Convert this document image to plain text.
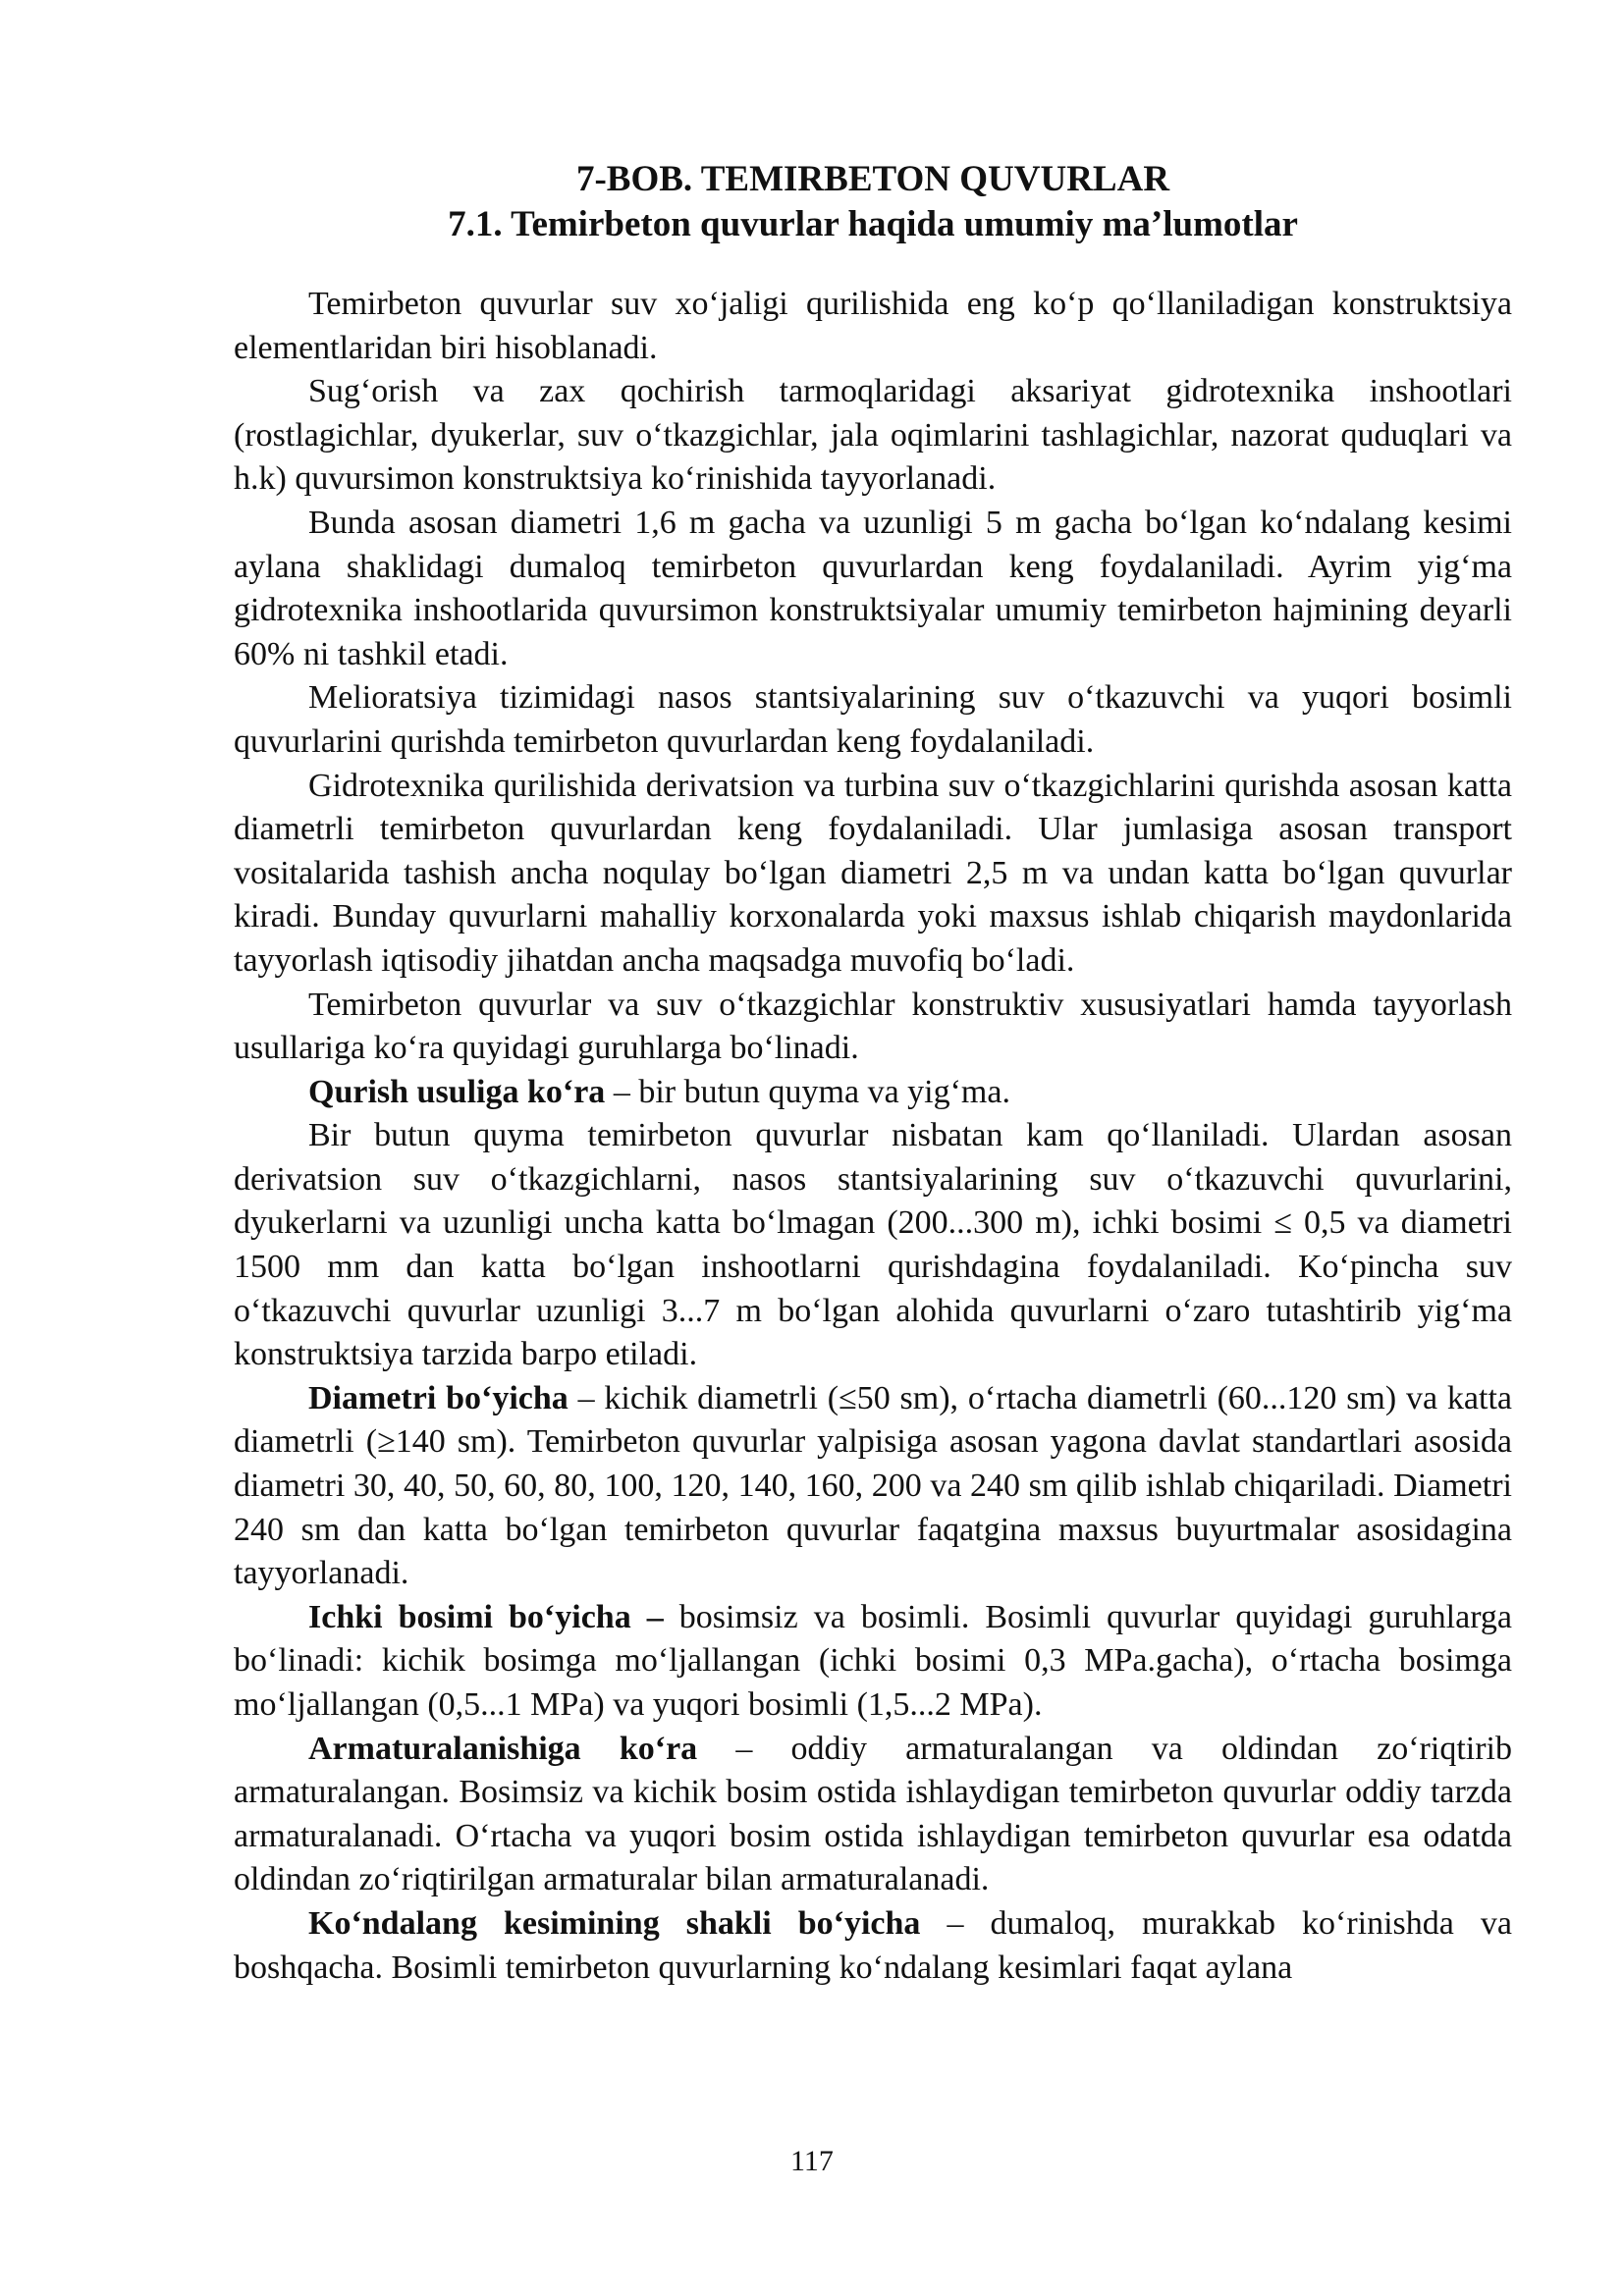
7-BOB. TEMIRBETON QUVURLAR
7.1. Temirbeton quvurlar haqida umumiy ma’lumotlar

Temirbeton quvurlar suv xo‘jaligi qurilishida eng ko‘p qo‘llaniladigan konstruktsiya elementlaridan biri hisoblanadi.

Sug‘orish va zax qochirish tarmoqlaridagi aksariyat gidrotexnika inshootlari (rostlagichlar, dyukerlar, suv o‘tkazgichlar, jala oqimlarini tashlagichlar, nazorat quduqlari va h.k) quvursimon konstruktsiya ko‘rinishida tayyorlanadi.

Bunda asosan diametri 1,6 m gacha va uzunligi 5 m gacha bo‘lgan ko‘ndalang kesimi aylana shaklidagi dumaloq temirbeton quvurlardan keng foydalaniladi. Ayrim yig‘ma gidrotexnika inshootlarida quvursimon konstruktsiyalar umumiy temirbeton hajmining deyarli 60% ni tashkil etadi.

Melioratsiya tizimidagi nasos stantsiyalarining suv o‘tkazuvchi va yuqori bosimli quvurlarini qurishda temirbeton quvurlardan keng foydalaniladi.

Gidrotexnika qurilishida derivatsion va turbina suv o‘tkazgichlarini qurishda asosan katta diametrli temirbeton quvurlardan keng foydalaniladi. Ular jumlasiga asosan transport vositalarida tashish ancha noqulay bo‘lgan diametri 2,5 m va undan katta bo‘lgan quvurlar kiradi. Bunday quvurlarni mahalliy korxonalarda yoki maxsus ishlab chiqarish maydonlarida tayyorlash iqtisodiy jihatdan ancha maqsadga muvofiq bo‘ladi.

Temirbeton quvurlar va suv o‘tkazgichlar konstruktiv xususiyatlari hamda tayyorlash usullariga ko‘ra quyidagi guruhlarga bo‘linadi.

Qurish usuliga ko‘ra – bir butun quyma va yig‘ma.

Bir butun quyma temirbeton quvurlar nisbatan kam qo‘llaniladi. Ulardan asosan derivatsion suv o‘tkazgichlarni, nasos stantsiyalarining suv o‘tkazuvchi quvurlarini, dyukerlarni va uzunligi uncha katta bo‘lmagan (200...300 m), ichki bosimi ≤ 0,5 va diametri 1500 mm dan katta bo‘lgan inshootlarni qurishdagina foydalaniladi. Ko‘pincha suv o‘tkazuvchi quvurlar uzunligi 3...7 m bo‘lgan alohida quvurlarni o‘zaro tutashtirib yig‘ma konstruktsiya tarzida barpo etiladi.

Diametri bo‘yicha – kichik diametrli (≤50 sm), o‘rtacha diametrli (60...120 sm) va katta diametrli (≥140 sm). Temirbeton quvurlar yalpisiga asosan yagona davlat standartlari asosida diametri 30, 40, 50, 60, 80, 100, 120, 140, 160, 200 va 240 sm qilib ishlab chiqariladi. Diametri 240 sm dan katta bo‘lgan temirbeton quvurlar faqatgina maxsus buyurtmalar asosidagina tayyorlanadi.

Ichki bosimi bo‘yicha – bosimsiz va bosimli. Bosimli quvurlar quyidagi guruhlarga bo‘linadi: kichik bosimga mo‘ljallangan (ichki bosimi 0,3 MPa.gacha), o‘rtacha bosimga mo‘ljallangan (0,5...1 MPa) va yuqori bosimli (1,5...2 MPa).

Armaturalanishiga ko‘ra – oddiy armaturalangan va oldindan zo‘riqtirib armaturalangan. Bosimsiz va kichik bosim ostida ishlaydigan temirbeton quvurlar oddiy tarzda armaturalanadi. O‘rtacha va yuqori bosim ostida ishlaydigan temirbeton quvurlar esa odatda oldindan zo‘riqtirilgan armaturalar bilan armaturalanadi.

Ko‘ndalang kesimining shakli bo‘yicha – dumaloq, murakkab ko‘rinishda va boshqacha. Bosimli temirbeton quvurlarning ko‘ndalang kesimlari faqat aylana

117
